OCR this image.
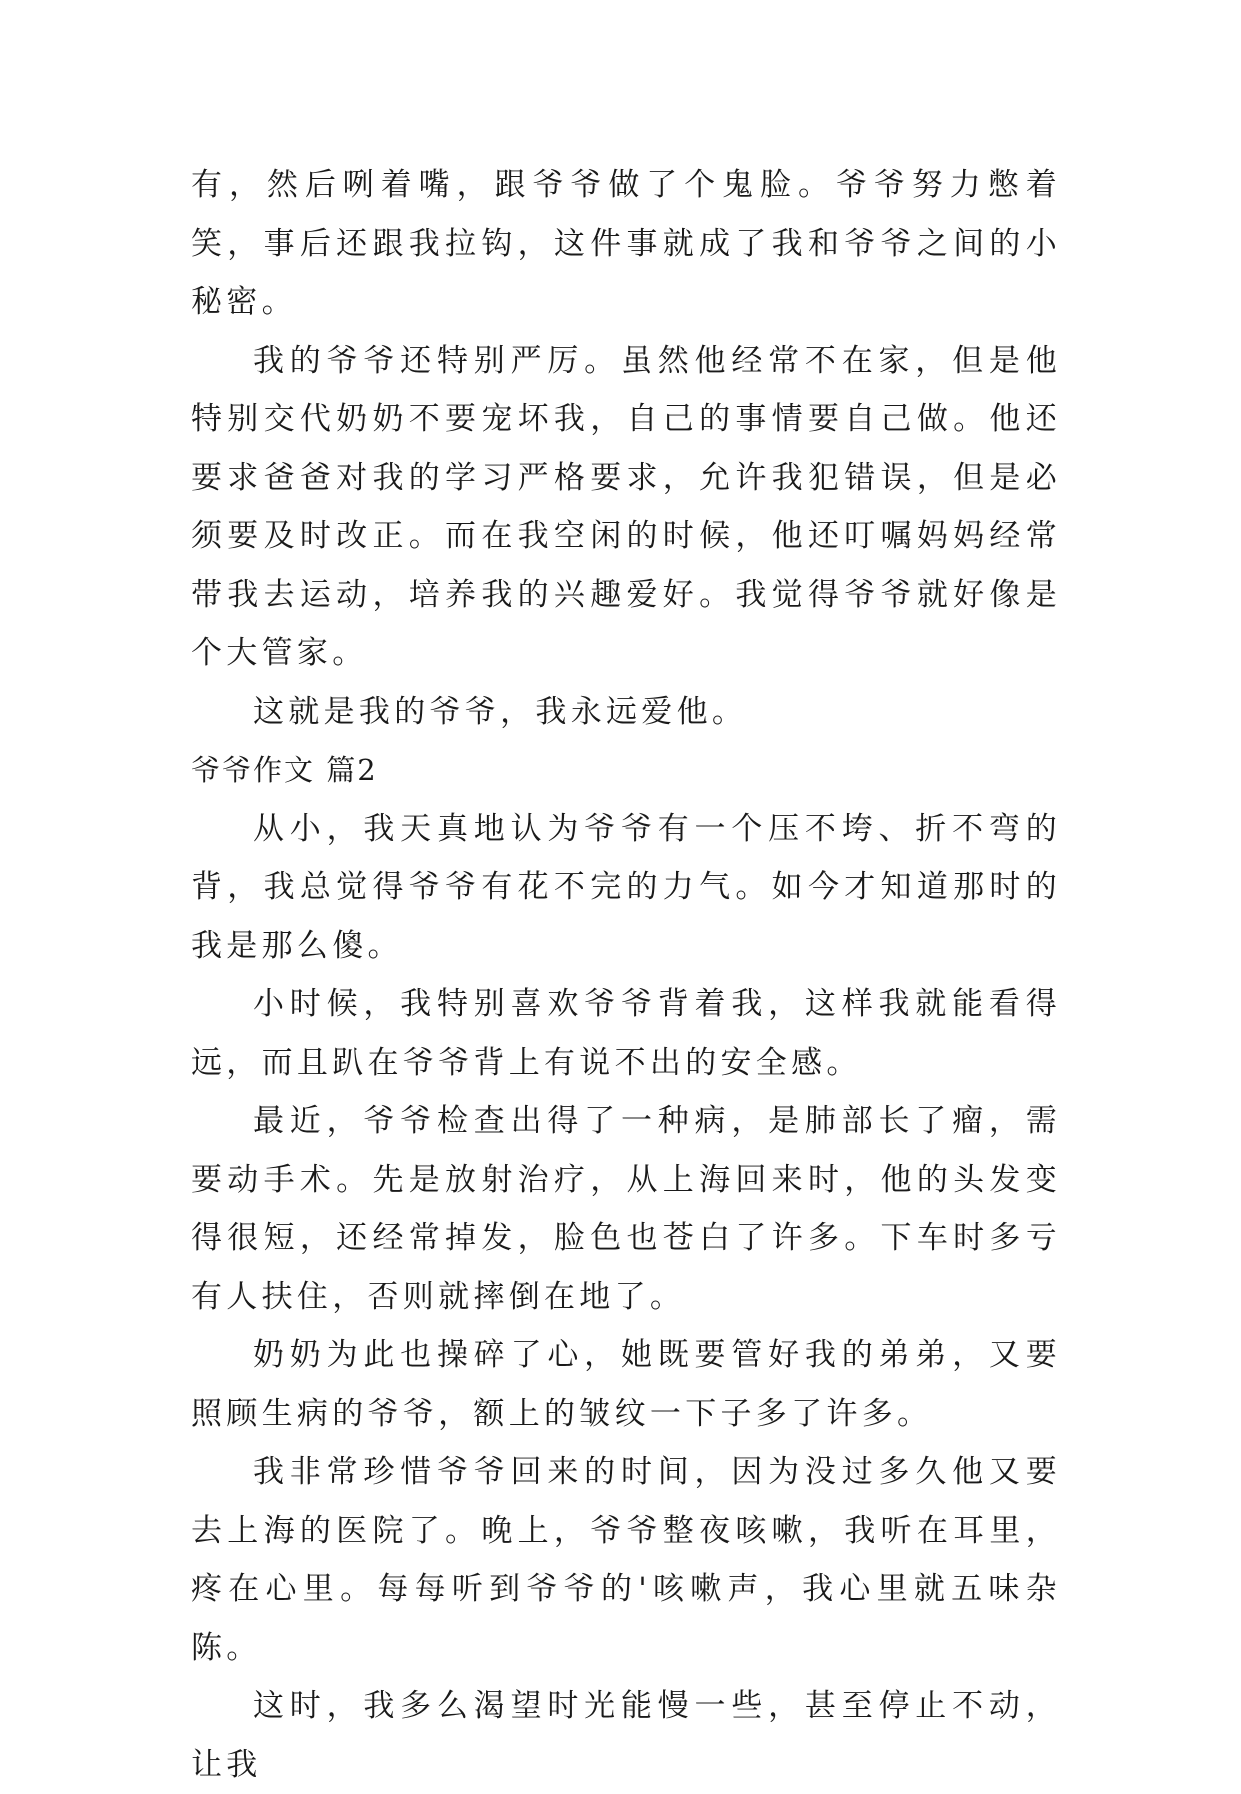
有，然后咧着嘴，跟爷爷做了个鬼脸。爷爷努力憋着笑，事后还跟我拉钩，这件事就成了我和爷爷之间的小秘密。

我的爷爷还特别严厉。虽然他经常不在家，但是他特别交代奶奶不要宠坏我，自己的事情要自己做。他还要求爸爸对我的学习严格要求，允许我犯错误，但是必须要及时改正。而在我空闲的时候，他还叮嘱妈妈经常带我去运动，培养我的兴趣爱好。我觉得爷爷就好像是个大管家。

这就是我的爷爷，我永远爱他。

爷爷作文 篇2

从小，我天真地认为爷爷有一个压不垮、折不弯的背，我总觉得爷爷有花不完的力气。如今才知道那时的我是那么傻。

小时候，我特别喜欢爷爷背着我，这样我就能看得远，而且趴在爷爷背上有说不出的安全感。

最近，爷爷检查出得了一种病，是肺部长了瘤，需要动手术。先是放射治疗，从上海回来时，他的头发变得很短，还经常掉发，脸色也苍白了许多。下车时多亏有人扶住，否则就摔倒在地了。

奶奶为此也操碎了心，她既要管好我的弟弟，又要照顾生病的爷爷，额上的皱纹一下子多了许多。

我非常珍惜爷爷回来的时间，因为没过多久他又要去上海的医院了。晚上，爷爷整夜咳嗽，我听在耳里，疼在心里。每每听到爷爷的'咳嗽声，我心里就五味杂陈。

这时，我多么渴望时光能慢一些，甚至停止不动，让我
